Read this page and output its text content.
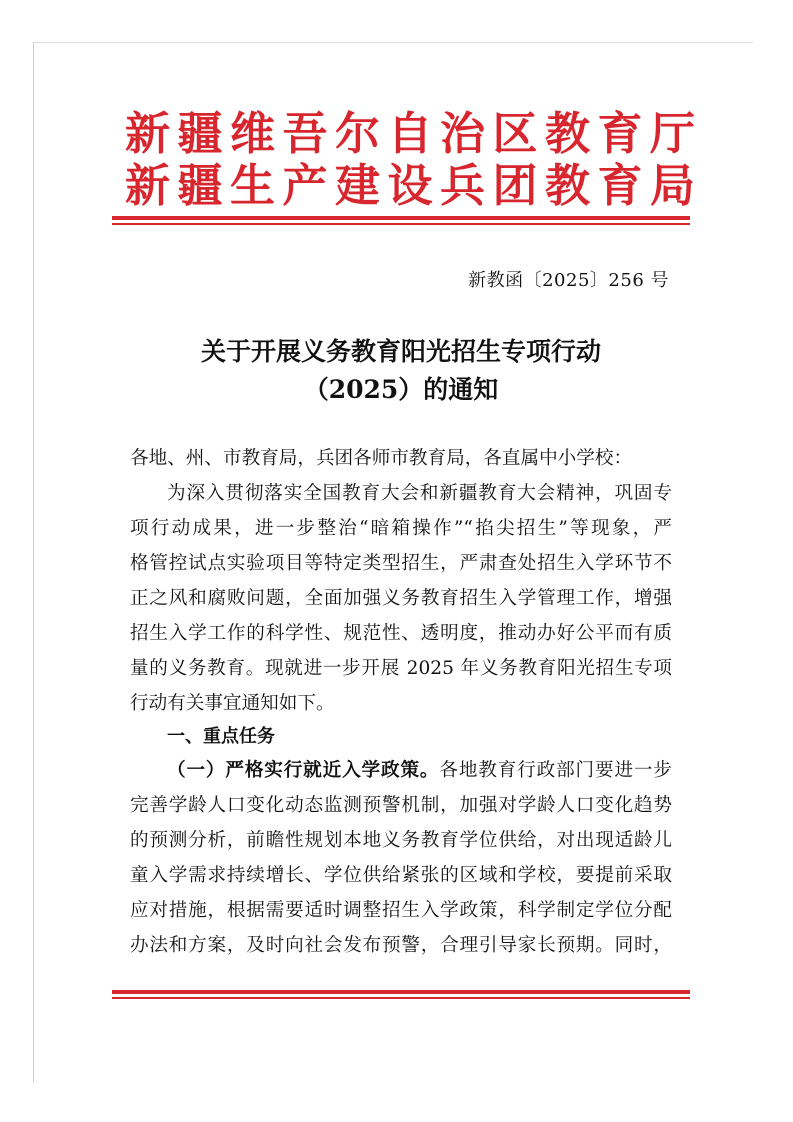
新疆维吾尔自治区教育厅
新疆生产建设兵团教育局
新教函〔2025〕256 号
关于开展义务教育阳光招生专项行动
（2025）的通知
各地、州、市教育局，兵团各师市教育局，各直属中小学校：
为深入贯彻落实全国教育大会和新疆教育大会精神，巩固专
项行动成果，进一步整治“暗箱操作”“掐尖招生”等现象，严
格管控试点实验项目等特定类型招生，严肃查处招生入学环节不
正之风和腐败问题，全面加强义务教育招生入学管理工作，增强
招生入学工作的科学性、规范性、透明度，推动办好公平而有质
量的义务教育。现就进一步开展 2025 年义务教育阳光招生专项
行动有关事宜通知如下。
一、重点任务
（一）严格实行就近入学政策。各地教育行政部门要进一步
完善学龄人口变化动态监测预警机制，加强对学龄人口变化趋势
的预测分析，前瞻性规划本地义务教育学位供给，对出现适龄儿
童入学需求持续增长、学位供给紧张的区域和学校，要提前采取
应对措施，根据需要适时调整招生入学政策，科学制定学位分配
办法和方案，及时向社会发布预警，合理引导家长预期。同时，
